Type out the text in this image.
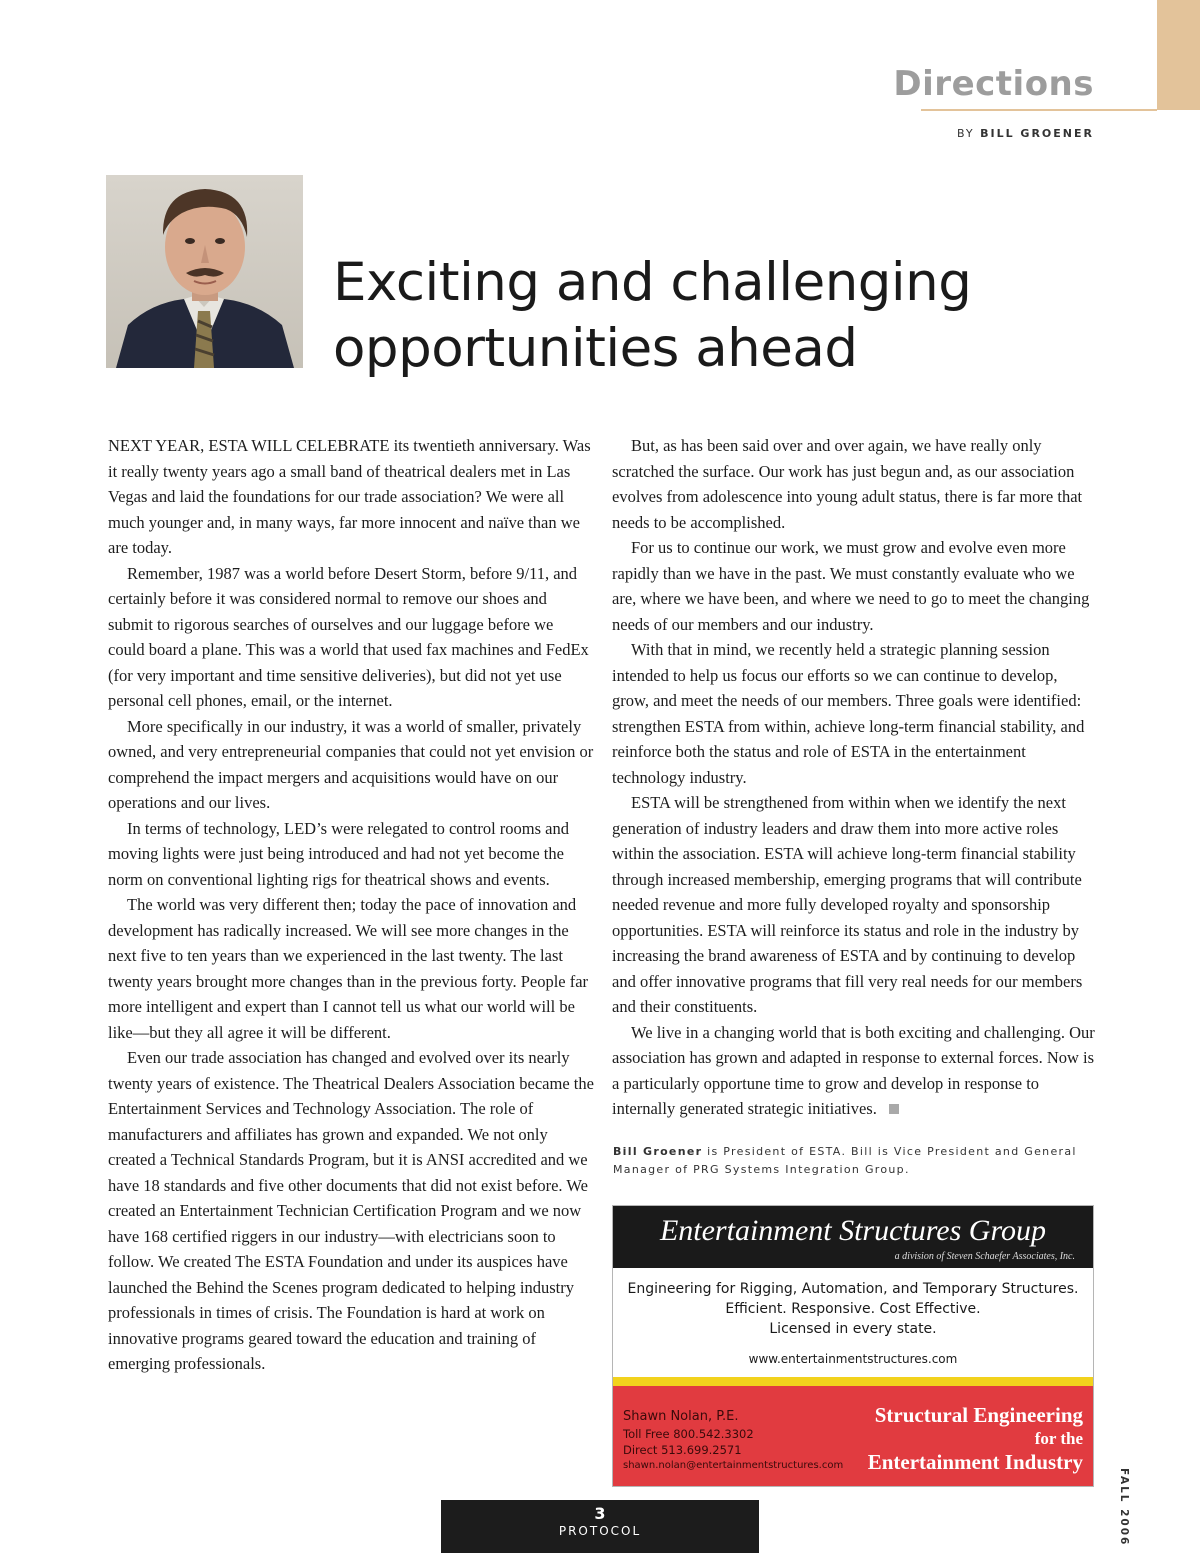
Directions
BY BILL GROENER
Exciting and challenging
opportunities ahead

NEXT YEAR, ESTA WILL CELEBRATE its twentieth anniversary. Was it really twenty years ago a small band of theatrical dealers met in Las Vegas and laid the foundations for our trade association? We were all much younger and, in many ways, far more innocent and naïve than we are today.

Remember, 1987 was a world before Desert Storm, before 9/11, and certainly before it was considered normal to remove our shoes and submit to rigorous searches of ourselves and our luggage before we could board a plane. This was a world that used fax machines and FedEx (for very important and time sensitive deliveries), but did not yet use personal cell phones, email, or the internet.

More specifically in our industry, it was a world of smaller, privately owned, and very entrepreneurial companies that could not yet envision or comprehend the impact mergers and acquisitions would have on our operations and our lives.

In terms of technology, LED’s were relegated to control rooms and moving lights were just being introduced and had not yet become the norm on conventional lighting rigs for theatrical shows and events.

The world was very different then; today the pace of innovation and development has radically increased. We will see more changes in the next five to ten years than we experienced in the last twenty. The last twenty years brought more changes than in the previous forty. People far more intelligent and expert than I cannot tell us what our world will be like—but they all agree it will be different.

Even our trade association has changed and evolved over its nearly twenty years of existence. The Theatrical Dealers Association became the Entertainment Services and Technology Association. The role of manufacturers and affiliates has grown and expanded. We not only created a Technical Standards Program, but it is ANSI accredited and we have 18 standards and five other documents that did not exist before. We created an Entertainment Technician Certification Program and we now have 168 certified riggers in our industry—with electricians soon to follow. We created The ESTA Foundation and under its auspices have launched the Behind the Scenes program dedicated to helping industry professionals in times of crisis. The Foundation is hard at work on innovative programs geared toward the education and training of emerging professionals.

But, as has been said over and over again, we have really only scratched the surface. Our work has just begun and, as our association evolves from adolescence into young adult status, there is far more that needs to be accomplished.

For us to continue our work, we must grow and evolve even more rapidly than we have in the past. We must constantly evaluate who we are, where we have been, and where we need to go to meet the changing needs of our members and our industry.

With that in mind, we recently held a strategic planning session intended to help us focus our efforts so we can continue to develop, grow, and meet the needs of our members. Three goals were identified: strengthen ESTA from within, achieve long-term financial stability, and reinforce both the status and role of ESTA in the entertainment technology industry.

ESTA will be strengthened from within when we identify the next generation of industry leaders and draw them into more active roles within the association. ESTA will achieve long-term financial stability through increased membership, emerging programs that will contribute needed revenue and more fully developed royalty and sponsorship opportunities. ESTA will reinforce its status and role in the industry by increasing the brand awareness of ESTA and by continuing to develop and offer innovative programs that fill very real needs for our members and their constituents.

We live in a changing world that is both exciting and challenging. Our association has grown and adapted in response to external forces. Now is a particularly opportune time to grow and develop in response to internally generated strategic initiatives.

Bill Groener is President of ESTA. Bill is Vice President and General Manager of PRG Systems Integration Group.
Entertainment Structures Group
a division of Steven Schaefer Associates, Inc.
Engineering for Rigging, Automation, and Temporary Structures.
Efficient. Responsive. Cost Effective.
Licensed in every state.
www.entertainmentstructures.com
Shawn Nolan, P.E.
Toll Free 800.542.3302
Direct 513.699.2571
shawn.nolan@entertainmentstructures.com
Structural Engineering
for the
Entertainment Industry
3
PROTOCOL	FALL 2006
